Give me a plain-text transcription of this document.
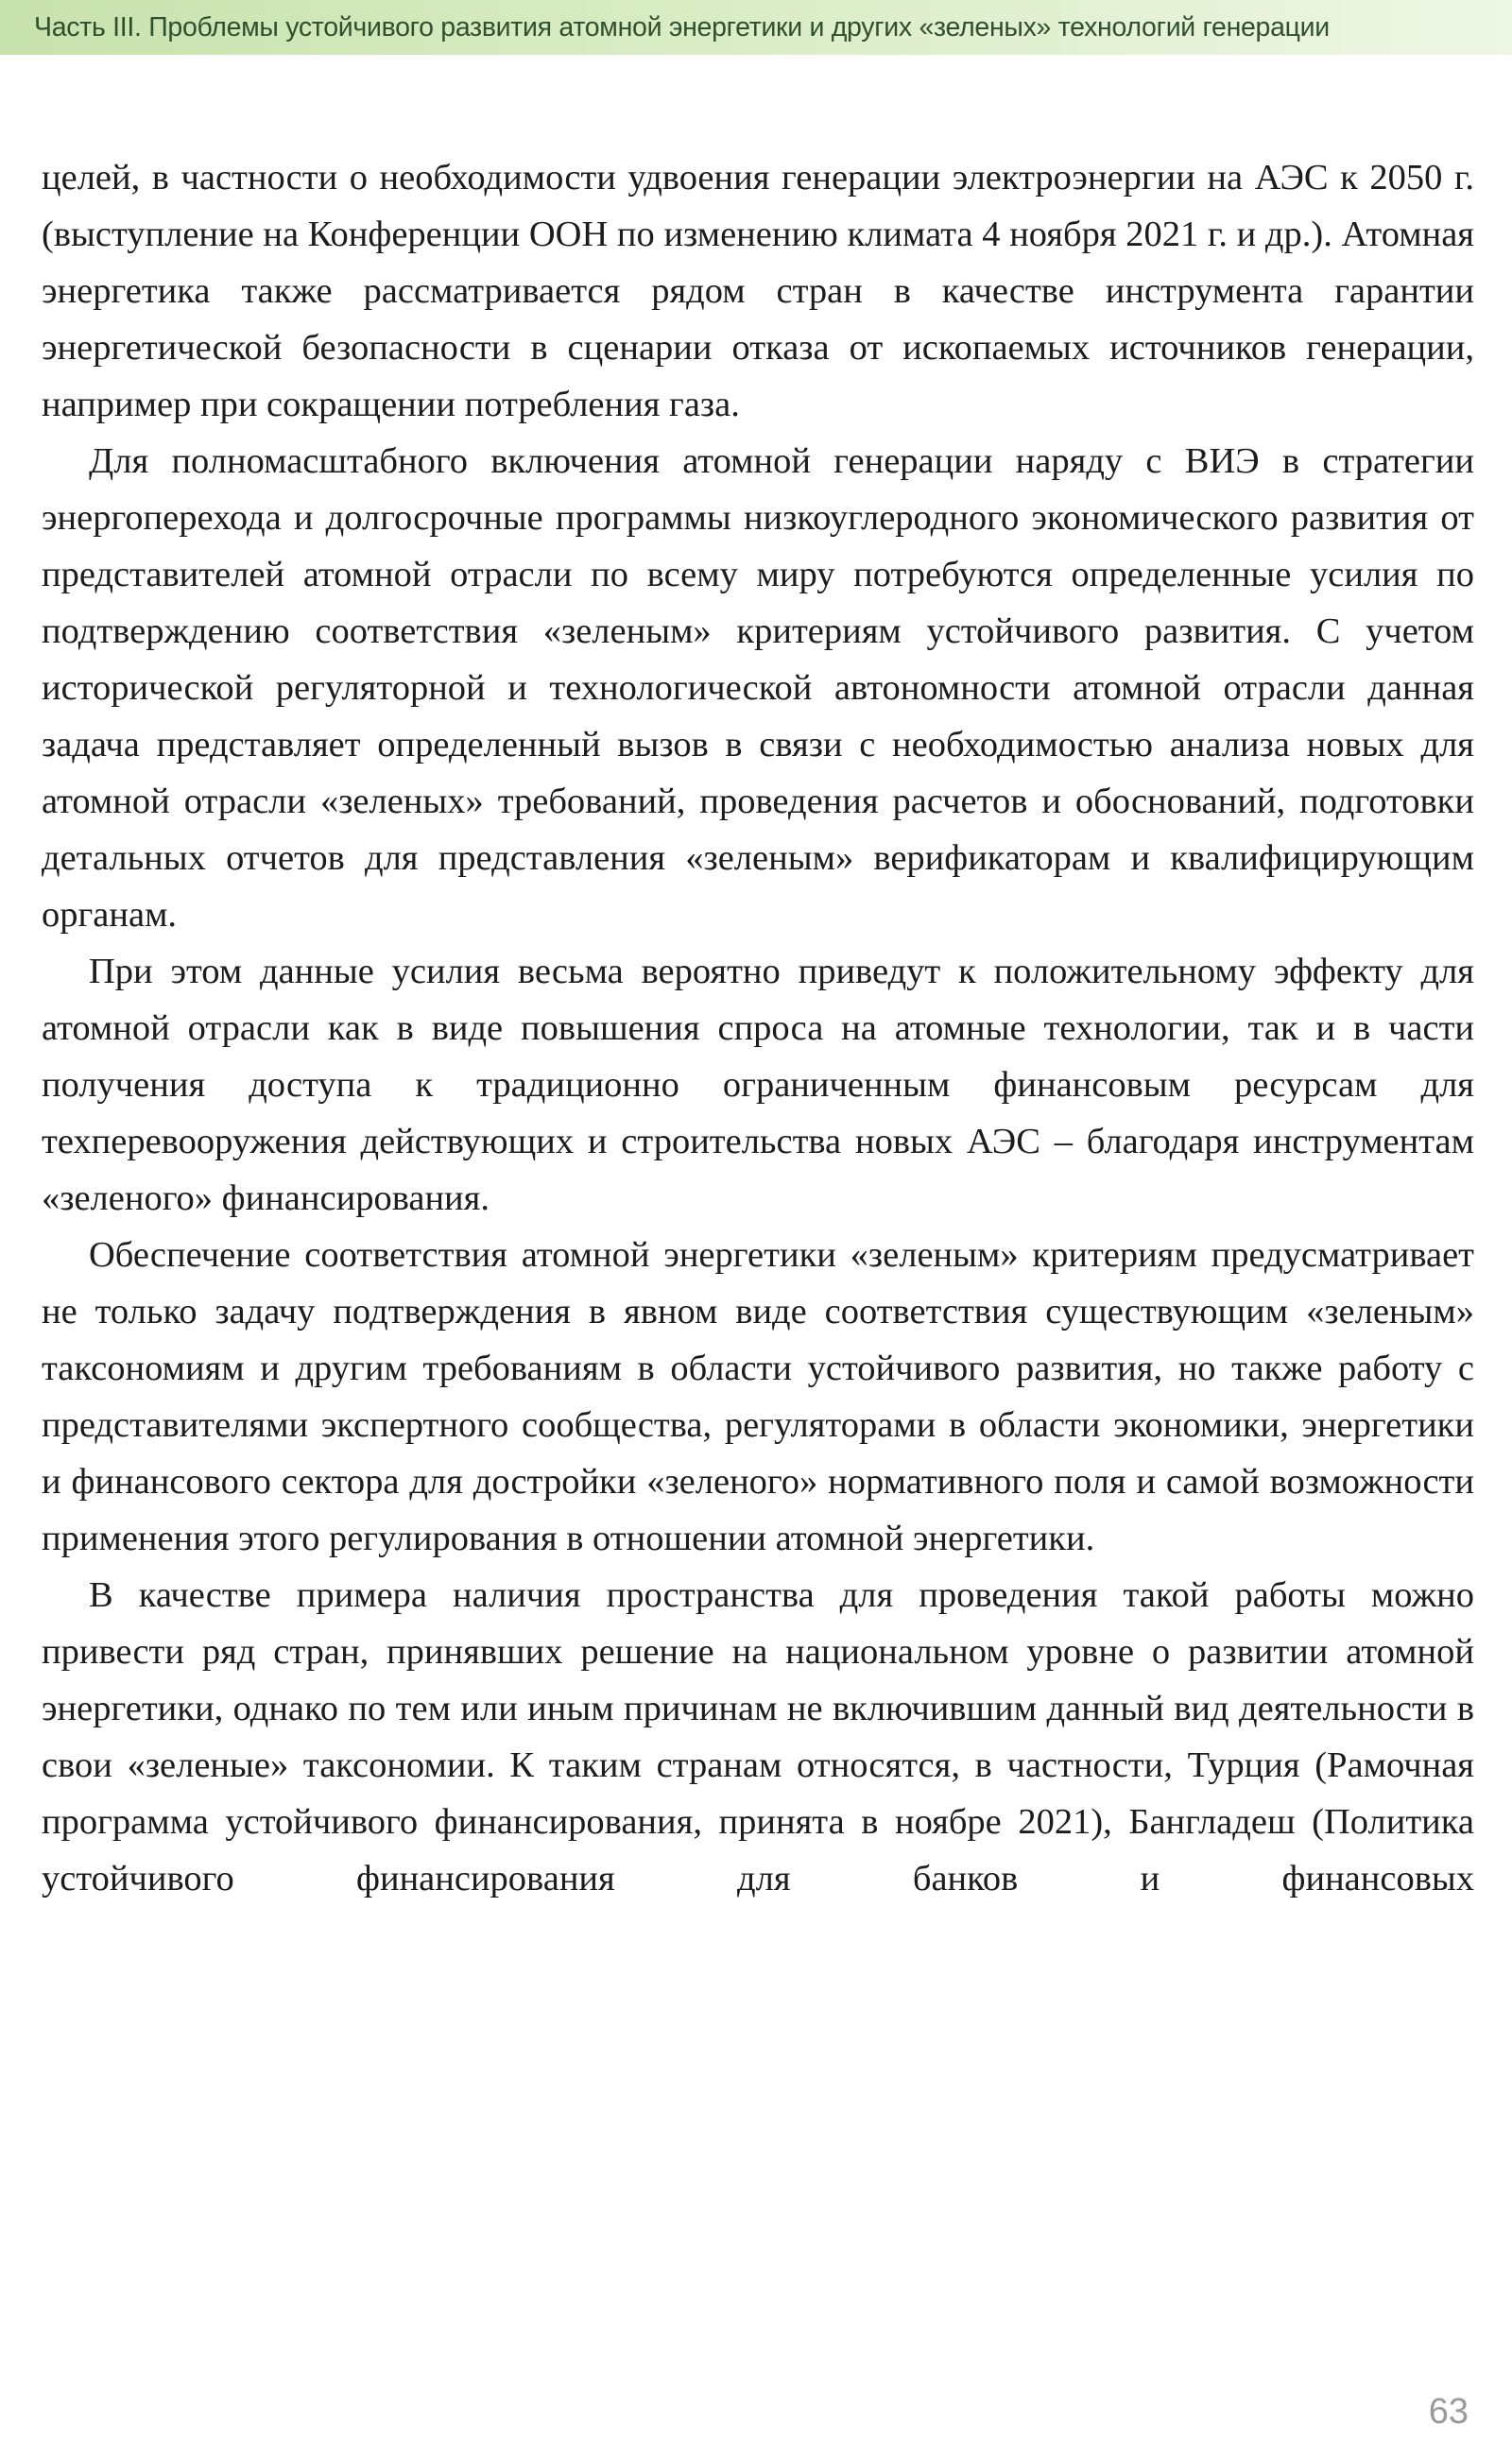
Часть III. Проблемы устойчивого развития атомной энергетики и других «зеленых» технологий генерации

целей, в частности о необходимости удвоения генерации электроэнергии на АЭС к 2050 г. (выступление на Конференции ООН по изменению климата 4 ноября 2021 г. и др.). Атомная энергетика также рассматривается рядом стран в качестве инструмента гарантии энергетической безопасности в сценарии отказа от ископаемых источников генерации, например при сокращении потребления газа.

Для полномасштабного включения атомной генерации наряду с ВИЭ в стратегии энергоперехода и долгосрочные программы низкоуглеродного экономического развития от представителей атомной отрасли по всему миру потребуются определенные усилия по подтверждению соответствия «зеленым» критериям устойчивого развития. С учетом исторической регуляторной и технологической автономности атомной отрасли данная задача представляет определенный вызов в связи с необходимостью анализа новых для атомной отрасли «зеленых» требований, проведения расчетов и обоснований, подготовки детальных отчетов для представления «зеленым» верификаторам и квалифицирующим органам.

При этом данные усилия весьма вероятно приведут к положительному эффекту для атомной отрасли как в виде повышения спроса на атомные технологии, так и в части получения доступа к традиционно ограниченным финансовым ресурсам для техперевооружения действующих и строительства новых АЭС – благодаря инструментам «зеленого» финансирования.

Обеспечение соответствия атомной энергетики «зеленым» критериям предусматривает не только задачу подтверждения в явном виде соответствия существующим «зеленым» таксономиям и другим требованиям в области устойчивого развития, но также работу с представителями экспертного сообщества, регуляторами в области экономики, энергетики и финансового сектора для достройки «зеленого» нормативного поля и самой возможности применения этого регулирования в отношении атомной энергетики.

В качестве примера наличия пространства для проведения такой работы можно привести ряд стран, принявших решение на национальном уровне о развитии атомной энергетики, однако по тем или иным причинам не включившим данный вид деятельности в свои «зеленые» таксономии. К таким странам относятся, в частности, Турция (Рамочная программа устойчивого финансирования, принята в ноябре 2021), Бангладеш (Политика устойчивого финансирования для банков и финансовых

63
